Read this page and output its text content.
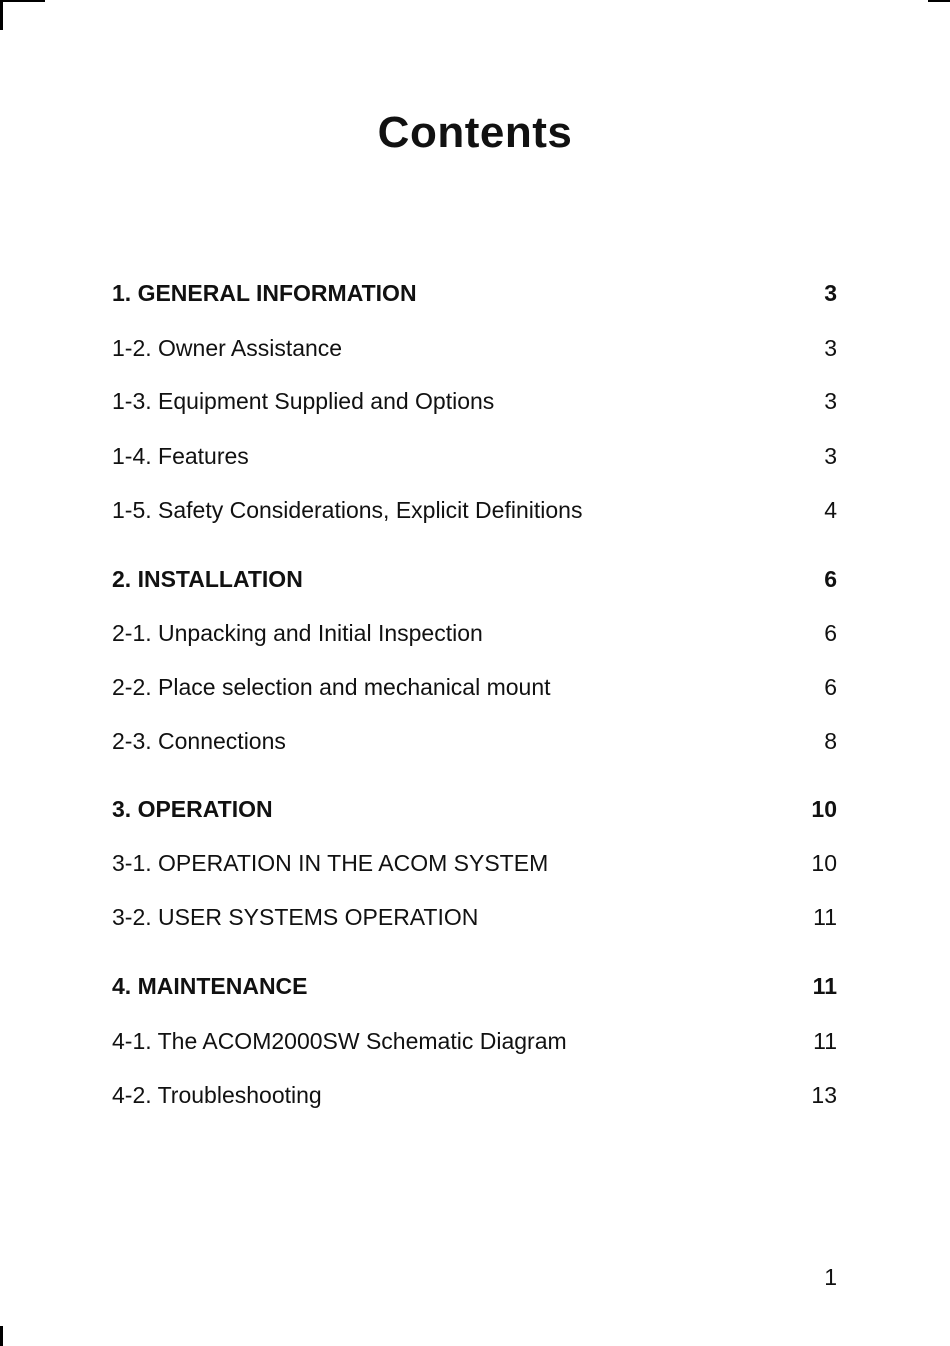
Contents
1. GENERAL INFORMATION	3
1-2. Owner Assistance	3
1-3. Equipment Supplied and Options	3
1-4. Features	3
1-5. Safety Considerations, Explicit Definitions	4
2. INSTALLATION	6
2-1. Unpacking and Initial Inspection	6
2-2. Place selection and mechanical mount	6
2-3. Connections	8
3. OPERATION	10
3-1. OPERATION IN THE ACOM SYSTEM	10
3-2. USER SYSTEMS OPERATION	11
4. MAINTENANCE	11
4-1. The ACOM2000SW Schematic Diagram	11
4-2. Troubleshooting	13
1
